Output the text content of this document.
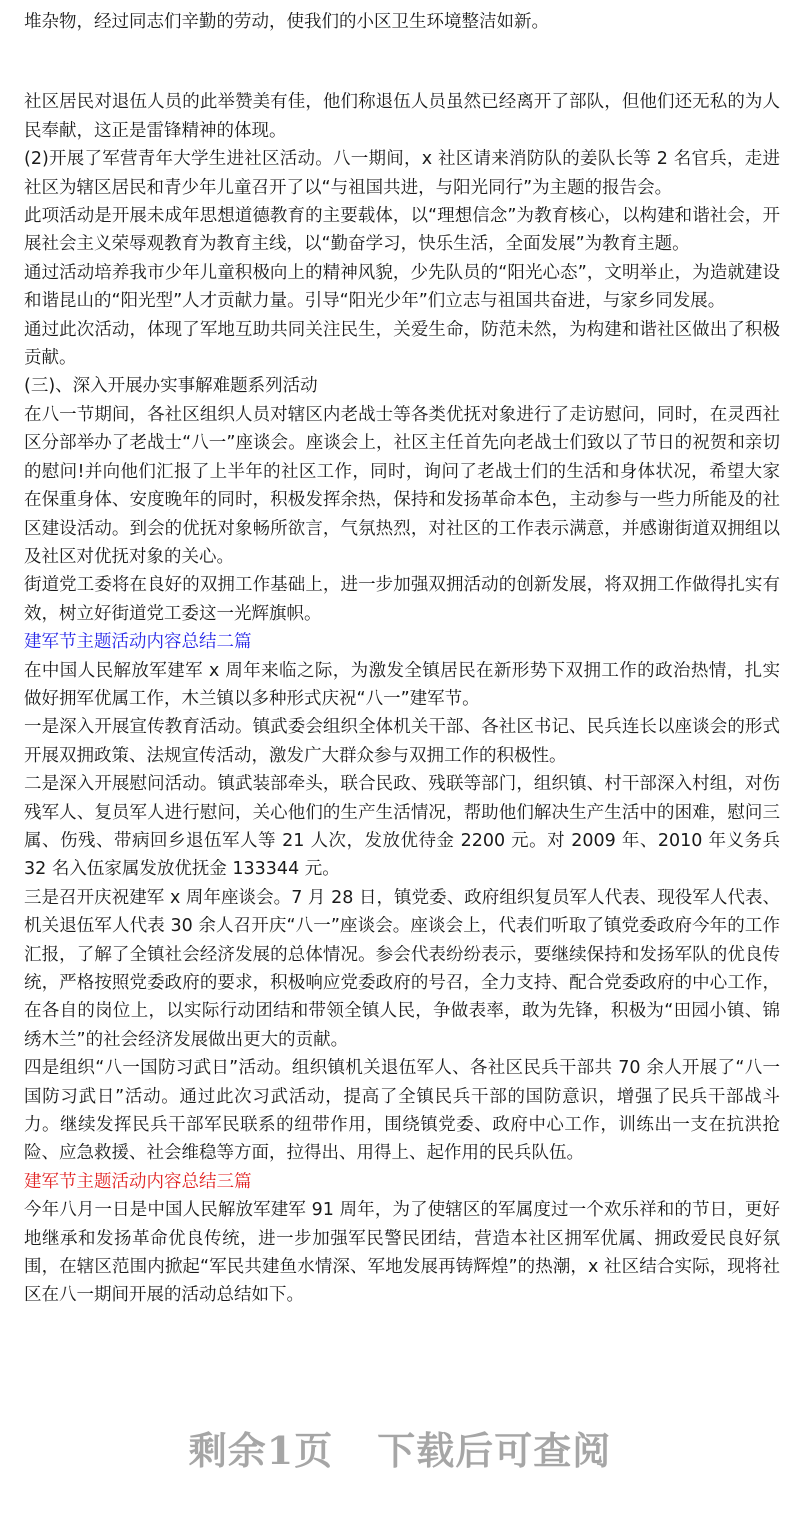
堆杂物，经过同志们辛勤的劳动，使我们的小区卫生环境整洁如新。

社区居民对退伍人员的此举赞美有佳，他们称退伍人员虽然已经离开了部队，但他们还无私的为人民奉献，这正是雷锋精神的体现。

(2)开展了军营青年大学生进社区活动。八一期间，x 社区请来消防队的姜队长等 2 名官兵，走进社区为辖区居民和青少年儿童召开了以“与祖国共进，与阳光同行”为主题的报告会。

此项活动是开展未成年思想道德教育的主要载体，以“理想信念”为教育核心，以构建和谐社会，开展社会主义荣辱观教育为教育主线，以“勤奋学习，快乐生活，全面发展”为教育主题。

通过活动培养我市少年儿童积极向上的精神风貌，少先队员的“阳光心态”，文明举止，为造就建设和谐昆山的“阳光型”人才贡献力量。引导“阳光少年”们立志与祖国共奋进，与家乡同发展。

通过此次活动，体现了军地互助共同关注民生，关爱生命，防范未然，为构建和谐社区做出了积极贡献。

(三)、深入开展办实事解难题系列活动

在八一节期间，各社区组织人员对辖区内老战士等各类优抚对象进行了走访慰问，同时，在灵西社区分部举办了老战士“八一”座谈会。座谈会上，社区主任首先向老战士们致以了节日的祝贺和亲切的慰问!并向他们汇报了上半年的社区工作，同时，询问了老战士们的生活和身体状况，希望大家在保重身体、安度晚年的同时，积极发挥余热，保持和发扬革命本色，主动参与一些力所能及的社区建设活动。到会的优抚对象畅所欲言，气氛热烈，对社区的工作表示满意，并感谢街道双拥组以及社区对优抚对象的关心。

街道党工委将在良好的双拥工作基础上，进一步加强双拥活动的创新发展，将双拥工作做得扎实有效，树立好街道党工委这一光辉旗帜。

建军节主题活动内容总结二篇

在中国人民解放军建军 x 周年来临之际，为激发全镇居民在新形势下双拥工作的政治热情，扎实做好拥军优属工作，木兰镇以多种形式庆祝“八一”建军节。

一是深入开展宣传教育活动。镇武委会组织全体机关干部、各社区书记、民兵连长以座谈会的形式开展双拥政策、法规宣传活动，激发广大群众参与双拥工作的积极性。

二是深入开展慰问活动。镇武装部牵头，联合民政、残联等部门，组织镇、村干部深入村组，对伤残军人、复员军人进行慰问，关心他们的生产生活情况，帮助他们解决生产生活中的困难，慰问三属、伤残、带病回乡退伍军人等 21 人次，发放优待金 2200 元。对 2009 年、2010 年义务兵 32 名入伍家属发放优抚金 133344 元。

三是召开庆祝建军 x 周年座谈会。7 月 28 日，镇党委、政府组织复员军人代表、现役军人代表、机关退伍军人代表 30 余人召开庆“八一”座谈会。座谈会上，代表们听取了镇党委政府今年的工作汇报，了解了全镇社会经济发展的总体情况。参会代表纷纷表示，要继续保持和发扬军队的优良传统，严格按照党委政府的要求，积极响应党委政府的号召，全力支持、配合党委政府的中心工作，在各自的岗位上，以实际行动团结和带领全镇人民，争做表率，敢为先锋，积极为“田园小镇、锦绣木兰”的社会经济发展做出更大的贡献。

四是组织“八一国防习武日”活动。组织镇机关退伍军人、各社区民兵干部共 70 余人开展了“八一国防习武日”活动。通过此次习武活动，提高了全镇民兵干部的国防意识，增强了民兵干部战斗力。继续发挥民兵干部军民联系的纽带作用，围绕镇党委、政府中心工作，训练出一支在抗洪抢险、应急救援、社会维稳等方面，拉得出、用得上、起作用的民兵队伍。

建军节主题活动内容总结三篇

今年八月一日是中国人民解放军建军 91 周年，为了使辖区的军属度过一个欢乐祥和的节日，更好地继承和发扬革命优良传统，进一步加强军民警民团结，营造本社区拥军优属、拥政爱民良好氛围，在辖区范围内掀起“军民共建鱼水情深、军地发展再铸辉煌”的热潮，x 社区结合实际，现将社区在八一期间开展的活动总结如下。

剩余1页 下载后可查阅
